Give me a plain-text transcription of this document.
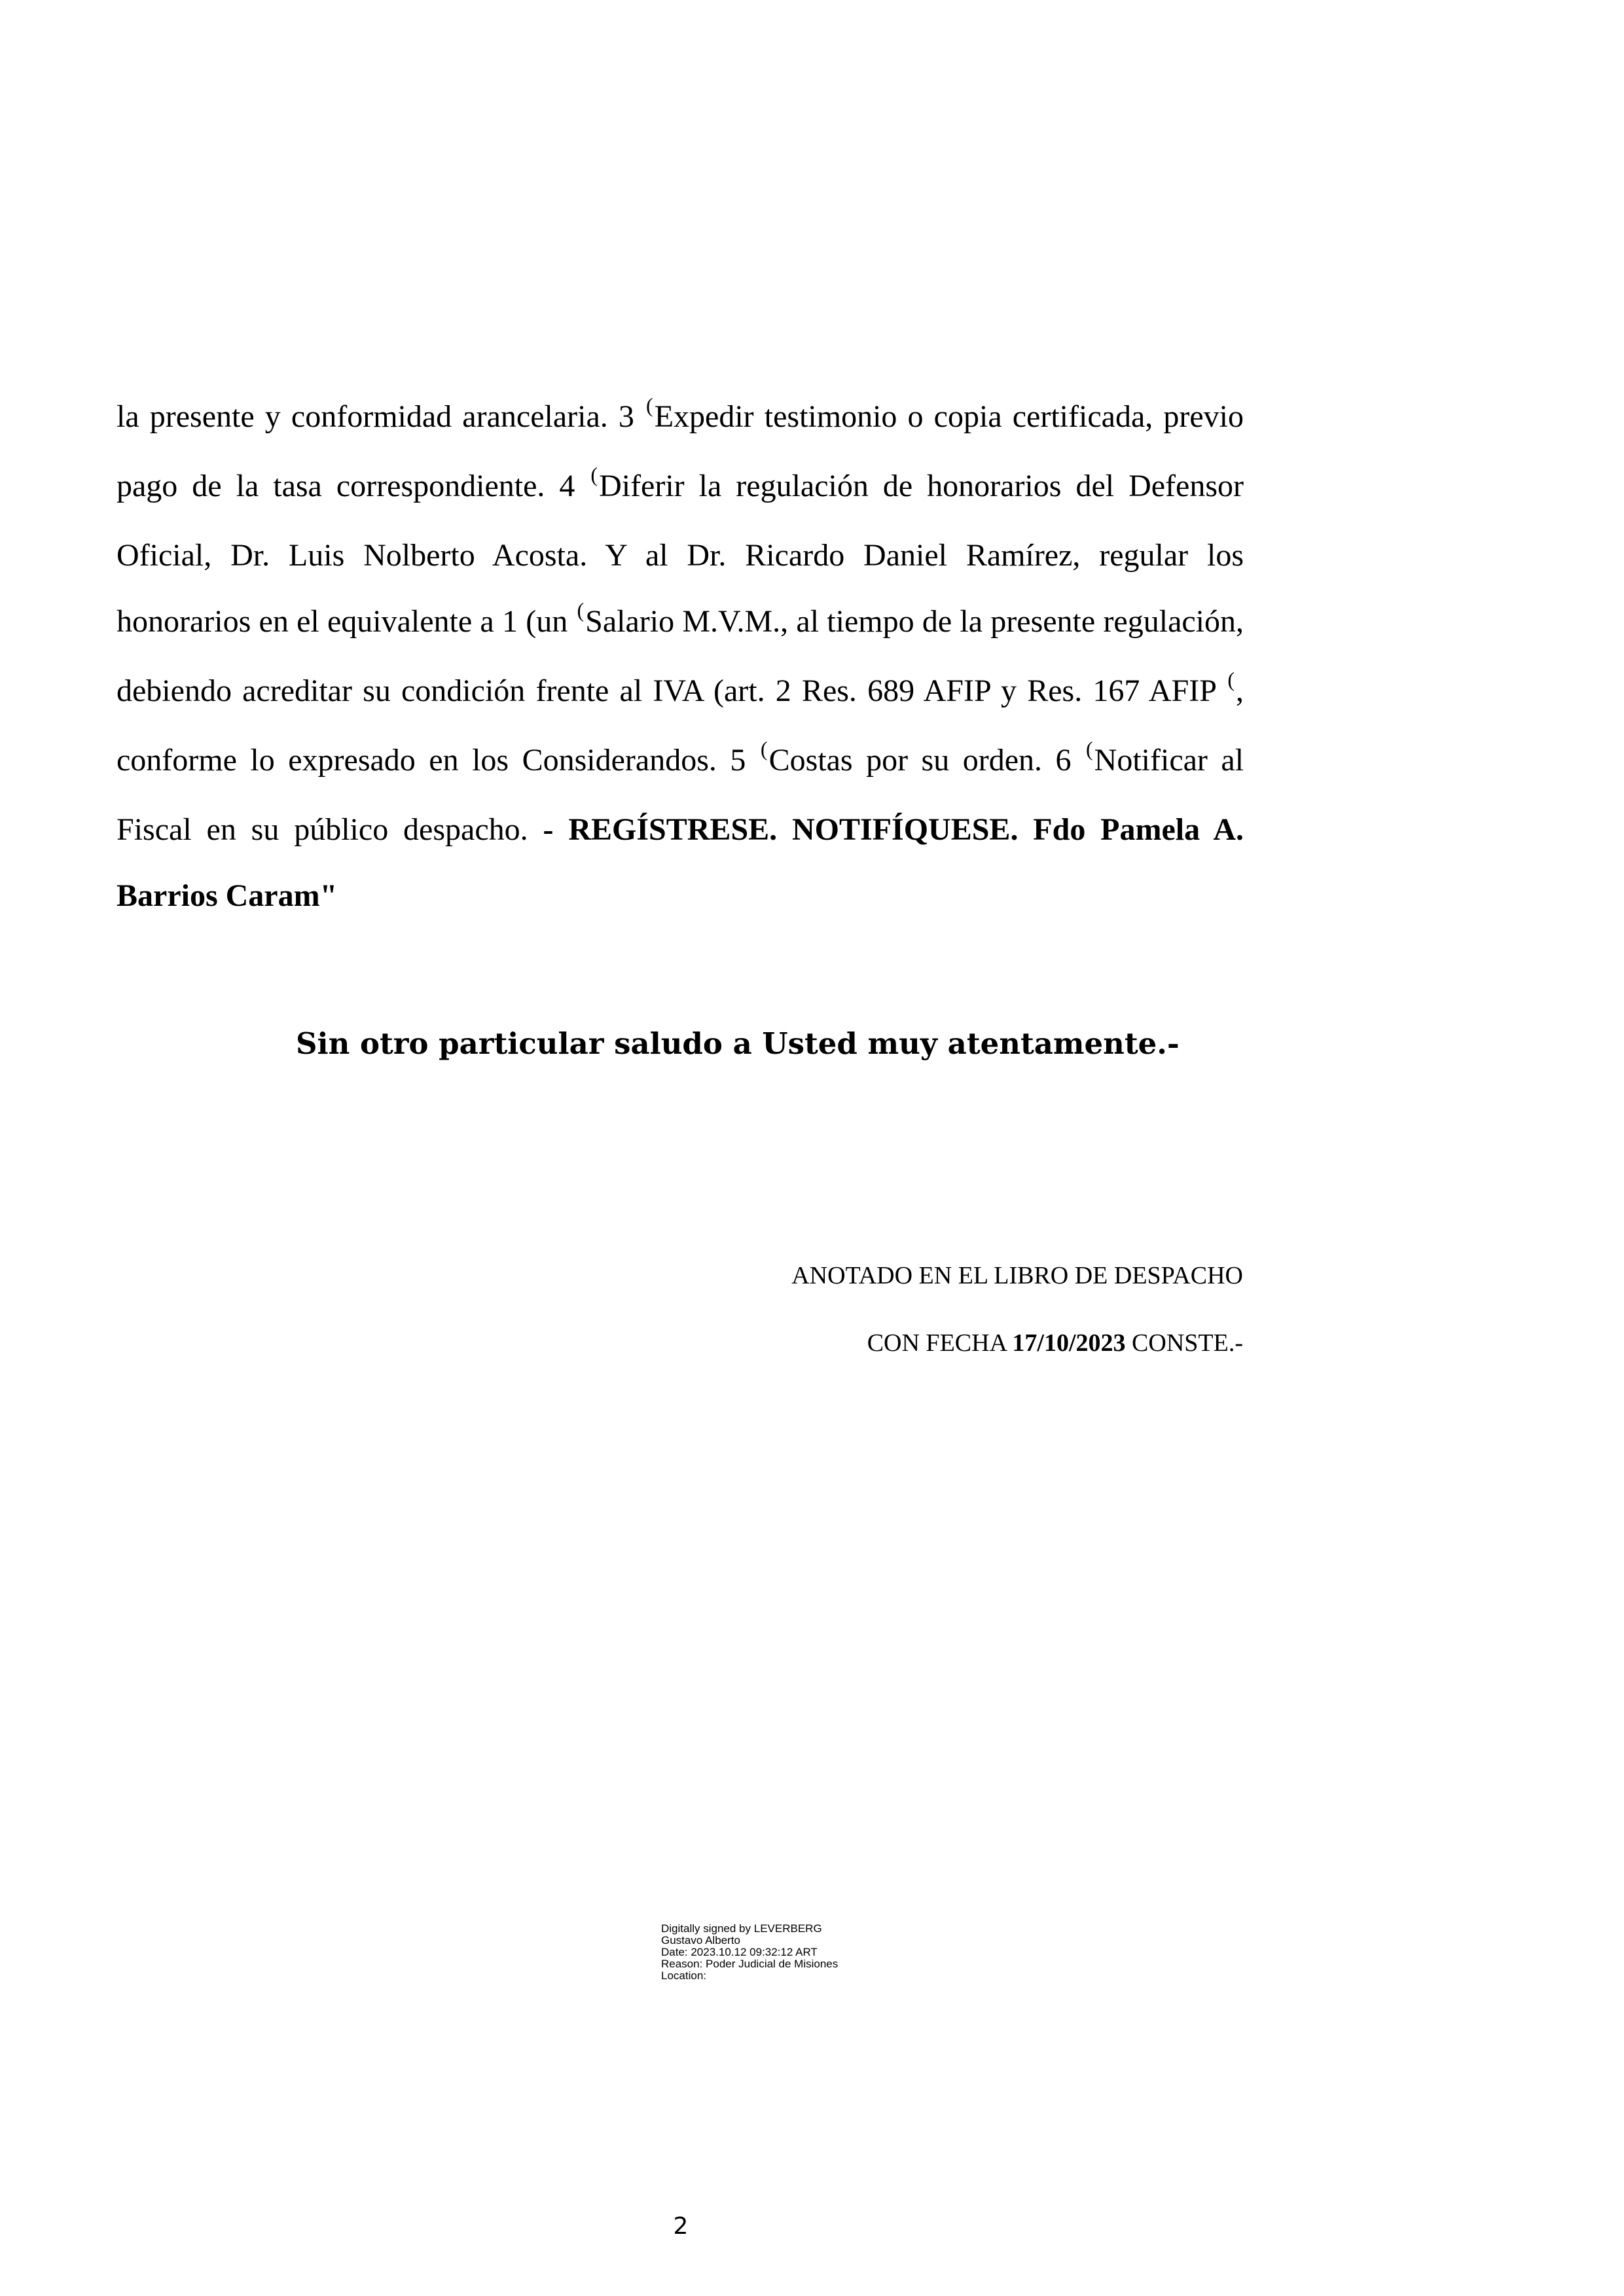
la presente y conformidad arancelaria. 3 (Expedir testimonio o copia certificada, previo pago de la tasa correspondiente. 4 (Diferir la regulación de honorarios del Defensor Oficial, Dr. Luis Nolberto Acosta. Y al Dr. Ricardo Daniel Ramírez, regular los honorarios en el equivalente a 1 (un (Salario M.V.M., al tiempo de la presente regulación, debiendo acreditar su condición frente al IVA (art. 2 Res. 689 AFIP y Res. 167 AFIP (, conforme lo expresado en los Considerandos. 5 (Costas por su orden. 6 (Notificar al Fiscal en su público despacho. - REGÍSTRESE. NOTIFÍQUESE. Fdo Pamela A. Barrios Caram"
Sin otro particular saludo a Usted muy atentamente.-
ANOTADO EN EL LIBRO DE DESPACHO
CON FECHA 17/10/2023 CONSTE.-
Digitally signed by LEVERBERG
Gustavo Alberto
Date: 2023.10.12 09:32:12 ART
Reason: Poder Judicial de Misiones
Location:
2
